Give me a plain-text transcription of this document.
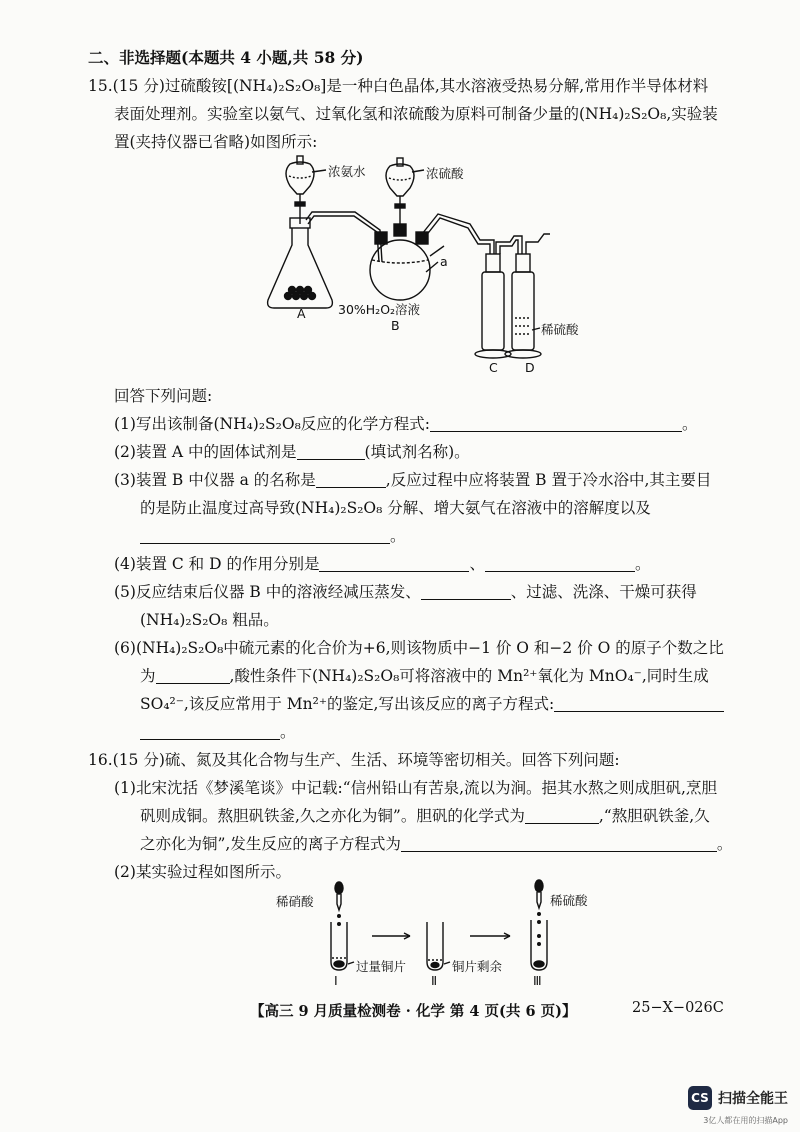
二、非选择题(本题共 4 小题,共 58 分)
15.(15 分)过硫酸铵[(NH₄)₂S₂O₈]是一种白色晶体,其水溶液受热易分解,常用作半导体材料
表面处理剂。实验室以氨气、过氧化氢和浓硫酸为原料可制备少量的(NH₄)₂S₂O₈,实验装
置(夹持仪器已省略)如图所示:
浓氨水	浓硫酸
a
30%H₂O₂溶液
稀硫酸
A
B
C D
回答下列问题:
(1)写出该制备(NH₄)₂S₂O₈反应的化学方程式:	。
(2)装置 A 中的固体试剂是	(填试剂名称)。
(3)装置 B 中仪器 a 的名称是	,反应过程中应将装置 B 置于冷水浴中,其主要目
的是防止温度过高导致(NH₄)₂S₂O₈ 分解、增大氨气在溶液中的溶解度以及
。
(4)装置 C 和 D 的作用分别是	、	。
(5)反应结束后仪器 B 中的溶液经减压蒸发、	、过滤、洗涤、干燥可获得
(NH₄)₂S₂O₈ 粗品。
(6)(NH₄)₂S₂O₈中硫元素的化合价为+6,则该物质中−1 价 O 和−2 价 O 的原子个数之比
为	,酸性条件下(NH₄)₂S₂O₈可将溶液中的 Mn²⁺氧化为 MnO₄⁻,同时生成
SO₄²⁻,该反应常用于 Mn²⁺的鉴定,写出该反应的离子方程式:
。
16.(15 分)硫、氮及其化合物与生产、生活、环境等密切相关。回答下列问题:
(1)北宋沈括《梦溪笔谈》中记载:“信州铅山有苦泉,流以为涧。挹其水熬之则成胆矾,烹胆
矾则成铜。熬胆矾铁釜,久之亦化为铜”。胆矾的化学式为	,“熬胆矾铁釜,久
之亦化为铜”,发生反应的离子方程式为	。
(2)某实验过程如图所示。
稀硝酸
过量铜片	铜片剩余
稀硫酸
Ⅰ	Ⅱ	Ⅲ
【高三 9 月质量检测卷 · 化学 第 4 页(共 6 页)】	25−X−026C
CS 扫描全能王
3亿人都在用的扫描App
